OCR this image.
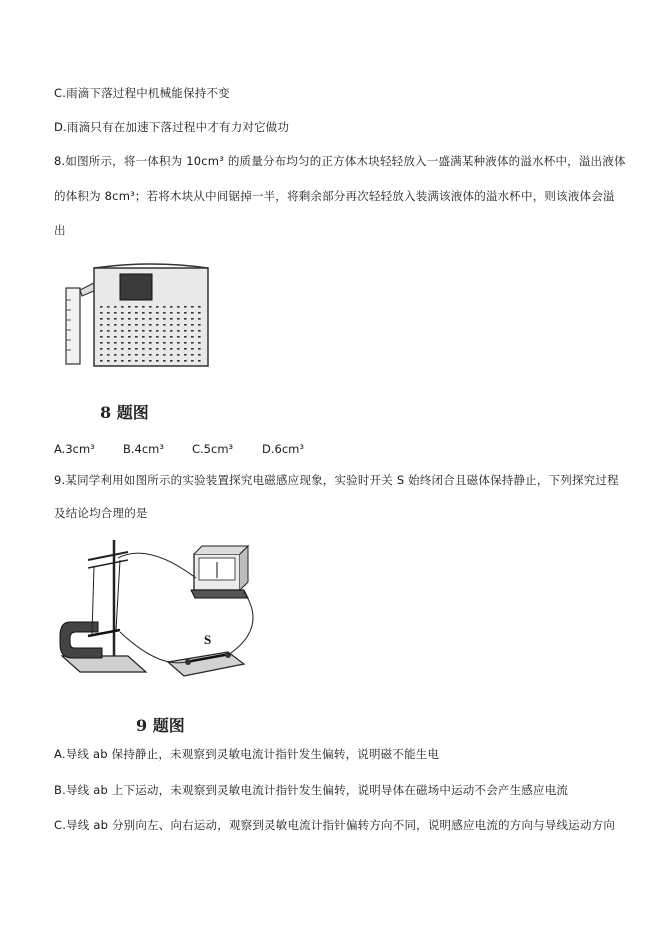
C.雨滴下落过程中机械能保持不变
D.雨滴只有在加速下落过程中才有力对它做功
8.如图所示，将一体积为 10cm³ 的质量分布均匀的正方体木块轻轻放入一盛满某种液体的溢水杯中，溢出液体
的体积为 8cm³；若将木块从中间锯掉一半，将剩余部分再次轻轻放入装满该液体的溢水杯中，则该液体会溢
出
8 题图
A.3cm³ B.4cm³ C.5cm³	D.6cm³
9.某同学利用如图所示的实验装置探究电磁感应现象，实验时开关 S 始终闭合且磁体保持静止，下列探究过程
及结论均合理的是
S
9 题图
A.导线 ab 保持静止，未观察到灵敏电流计指针发生偏转，说明磁不能生电
B.导线 ab 上下运动，未观察到灵敏电流计指针发生偏转，说明导体在磁场中运动不会产生感应电流
C.导线 ab 分别向左、向右运动，观察到灵敏电流计指针偏转方向不同，说明感应电流的方向与导线运动方向
